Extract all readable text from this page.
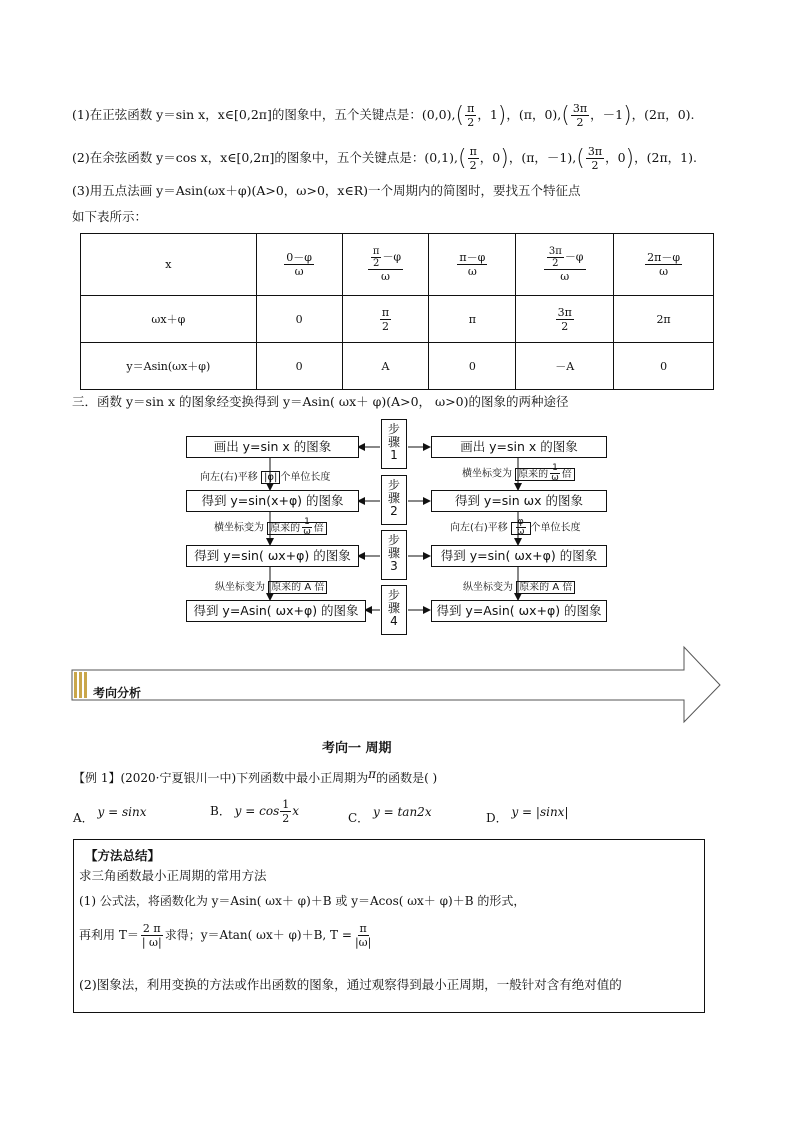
(1)在正弦函数 y＝sin x，x∈[0,2π]的图象中，五个关键点是：$(0,0),( \frac{\pi}{2}$ ，1)，(π，$0),( \frac{3\pi}{2}$ ，－1)，(2π，0).
(2)在余弦函数 y＝cos x，x∈[0,2π]的图象中，五个关键点是：$(0,1),( \frac{\pi}{2}$ ，0)，(π，$-1),( \frac{3\pi}{2}$ ，0)，(2π，1).
(3)用五点法画 y＝Asin(ωx＋φ)(A>0，ω>0，x∈R)一个周期内的简图时，要找五个特征点
如下表所示：
x	$\frac{0-\varphi}{\omega}$	$\frac{\frac{\pi}{2} -\varphi}{\omega}$	$\frac{\pi-\varphi}{\omega}$	$\frac{\frac{3\pi}{2} -\varphi}{\omega}$	$\frac{2\pi-\varphi}{\omega}$

ωx＋φ	0	$\frac{\pi}{2}$	π	$\frac{3\pi}{2}$	2π
y＝Asin(ωx＋φ)	0	A	0	－A	0
三．函数 y＝sin x 的图象经变换得到 y＝Asin( ωx＋ φ)(A>0， ω>0)的图象的两种途径
画出 y=sin x 的图象
得到 y=sin(x+φ) 的图象
得到 y=sin( ωx+φ) 的图象
得到 y=Asin( ωx+φ) 的图象
画出 y=sin x 的图象
得到 y=sin ωx 的图象
得到 y=sin( ωx+φ) 的图象
得到 y=Asin( ωx+φ) 的图象
步
骤
1
步
骤
2
步
骤
3
步
骤
4
向左(右)平移 |φ| 个单位长度
横坐标变为 原来的 $\frac{1}{\omega}$ 倍
纵坐标变为 原来的 A 倍
横坐标变为 原来的 $\frac{1}{\omega}$ 倍
向左(右)平移 $\frac{\varphi}{\omega}$ 个单位长度
纵坐标变为 原来的 A 倍
考向分析
考向一 周期
【例 1】(2020·宁夏银川一中)下列函数中最小正周期为π的函数是( )
A． y = sinx	B． $y = \cos \frac{1}{2}$ x	C． y = tan2x	D． y = |sinx|
【方法总结】
求三角函数最小正周期的常用方法
(1) 公式法，将函数化为 y＝Asin( ωx＋ φ)＋B 或 y＝Acos( ωx＋ φ)＋B 的形式，
再利用 $T= \frac{2 \pi}{| \omega|}$ 求得；y＝Atan( ωx＋ φ)＋B, $T = \frac{\pi}{|\omega|}$
(2)图象法，利用变换的方法或作出函数的图象，通过观察得到最小正周期，一般针对含有绝对值的
